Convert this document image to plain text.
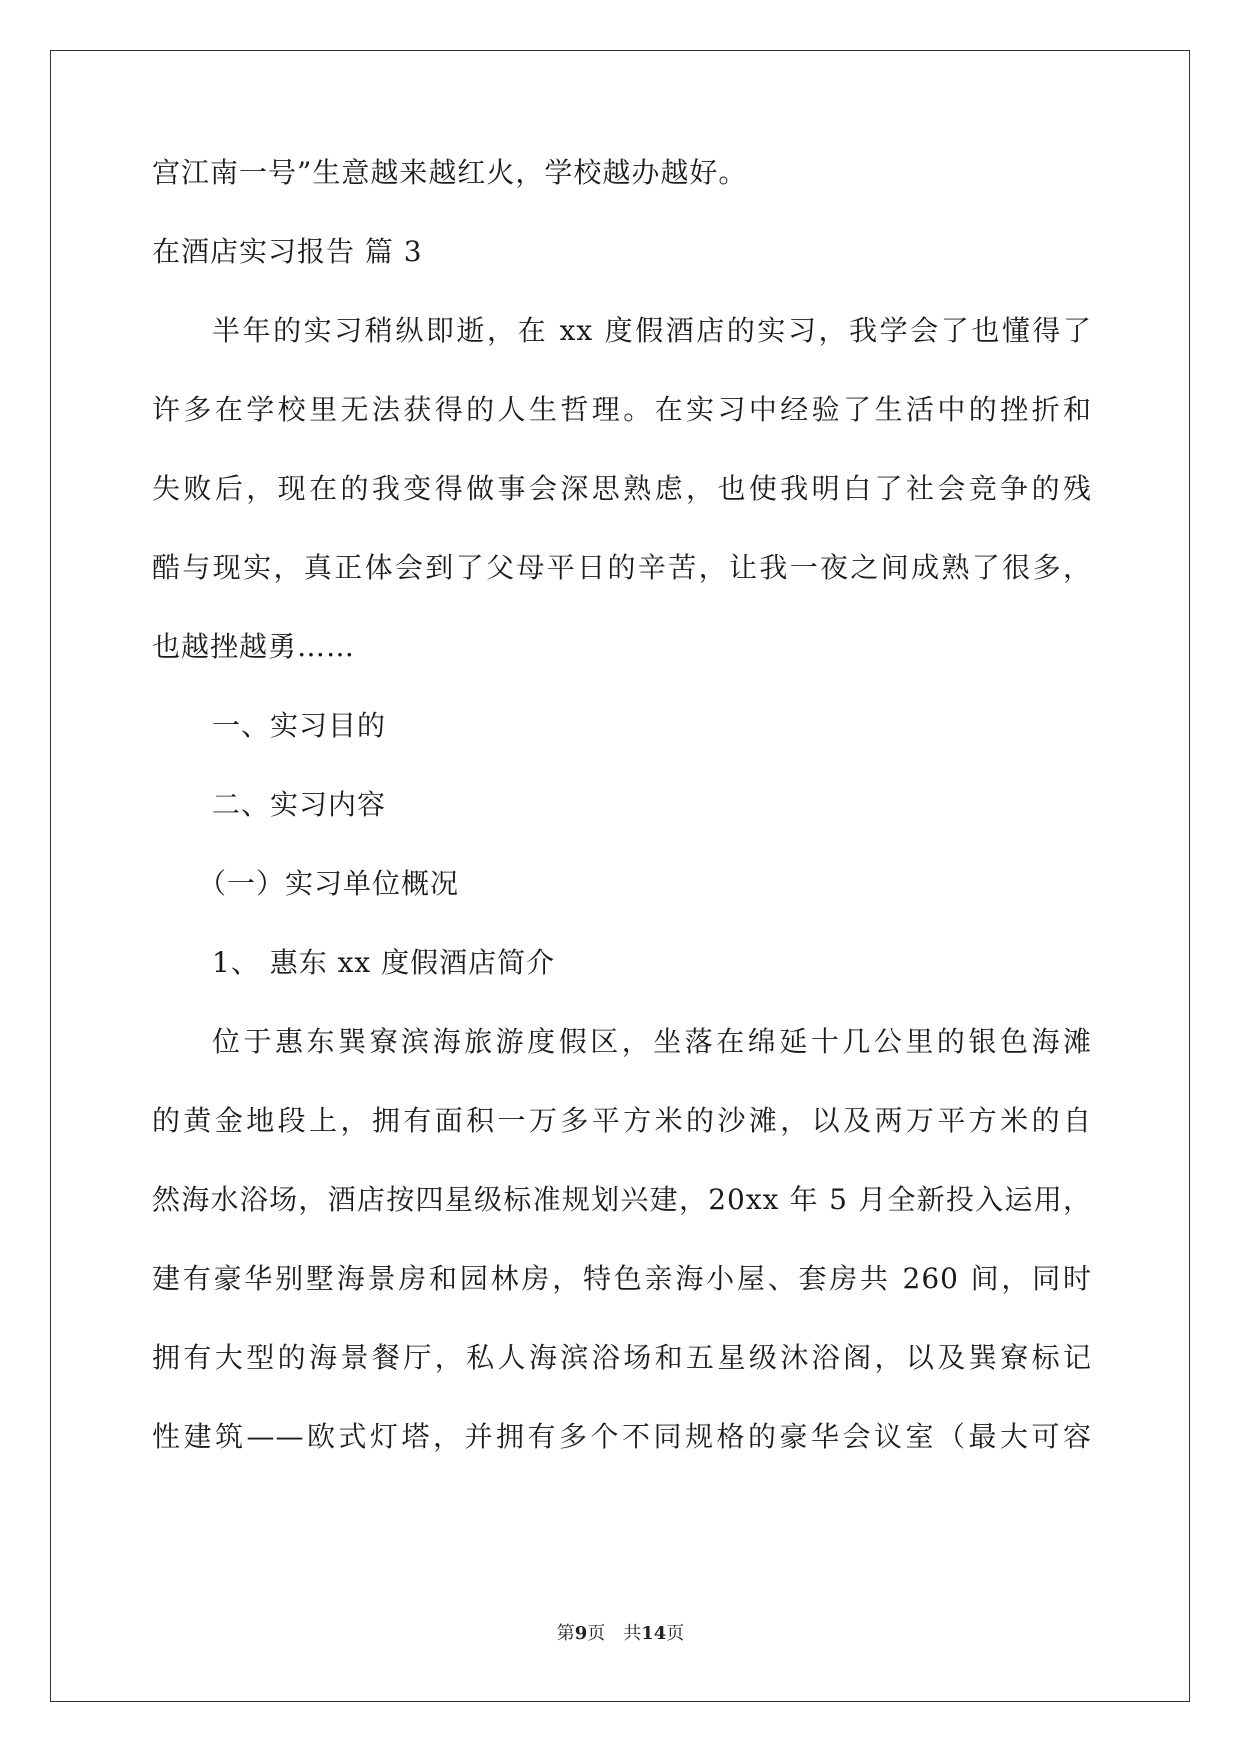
宫江南一号”生意越来越红火，学校越办越好。
在酒店实习报告 篇 3
半年的实习稍纵即逝，在 xx 度假酒店的实习，我学会了也懂得了
许多在学校里无法获得的人生哲理。在实习中经验了生活中的挫折和
失败后，现在的我变得做事会深思熟虑，也使我明白了社会竞争的残
酷与现实，真正体会到了父母平日的辛苦，让我一夜之间成熟了很多，
也越挫越勇……
一、实习目的
二、实习内容
（一）实习单位概况
1、 惠东 xx 度假酒店简介
位于惠东巽寮滨海旅游度假区，坐落在绵延十几公里的银色海滩
的黄金地段上，拥有面积一万多平方米的沙滩，以及两万平方米的自
然海水浴场，酒店按四星级标准规划兴建，20xx 年 5 月全新投入运用，
建有豪华别墅海景房和园林房，特色亲海小屋、套房共 260 间，同时
拥有大型的海景餐厅，私人海滨浴场和五星级沐浴阁，以及巽寮标记
性建筑——欧式灯塔，并拥有多个不同规格的豪华会议室（最大可容
第9页 共14页
